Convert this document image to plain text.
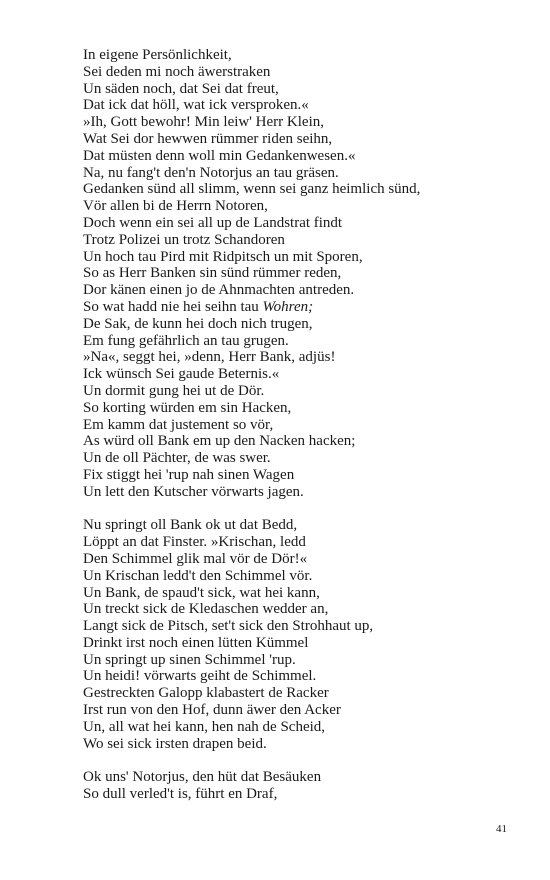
In eigene Persönlichkeit,
Sei deden mi noch äwerstraken
Un säden noch, dat Sei dat freut,
Dat ick dat höll, wat ick versproken.«
»Ih, Gott bewohr! Min leiw' Herr Klein,
Wat Sei dor hewwen rümmer riden seihn,
Dat müsten denn woll min Gedankenwesen.«
Na, nu fang't den'n Notorjus an tau gräsen.
Gedanken sünd all slimm, wenn sei ganz heimlich sünd,
Vör allen bi de Herrn Notoren,
Doch wenn ein sei all up de Landstrat findt
Trotz Polizei un trotz Schandoren
Un hoch tau Pird mit Ridpitsch un mit Sporen,
So as Herr Banken sin sünd rümmer reden,
Dor känen einen jo de Ahnmachten antreden.
So wat hadd nie hei seihn tau Wohren;
De Sak, de kunn hei doch nich trugen,
Em fung gefährlich an tau grugen.
»Na«, seggt hei, »denn, Herr Bank, adjüs!
Ick wünsch Sei gaude Beternis.«
Un dormit gung hei ut de Dör.
So korting würden em sin Hacken,
Em kamm dat justement so vör,
As würd oll Bank em up den Nacken hacken;
Un de oll Pächter, de was swer.
Fix stiggt hei 'rup nah sinen Wagen
Un lett den Kutscher vörwarts jagen.
Nu springt oll Bank ok ut dat Bedd,
Löppt an dat Finster. »Krischan, ledd
Den Schimmel glik mal vör de Dör!«
Un Krischan ledd't den Schimmel vör.
Un Bank, de spaud't sick, wat hei kann,
Un treckt sick de Kledaschen wedder an,
Langt sick de Pitsch, set't sick den Strohhaut up,
Drinkt irst noch einen lütten Kümmel
Un springt up sinen Schimmel 'rup.
Un heidi! vörwarts geiht de Schimmel.
Gestreckten Galopp klabastert de Racker
Irst run von den Hof, dunn äwer den Acker
Un, all wat hei kann, hen nah de Scheid,
Wo sei sick irsten drapen beid.
Ok uns' Notorjus, den hüt dat Besäuken
So dull verled't is, führt en Draf,
41
